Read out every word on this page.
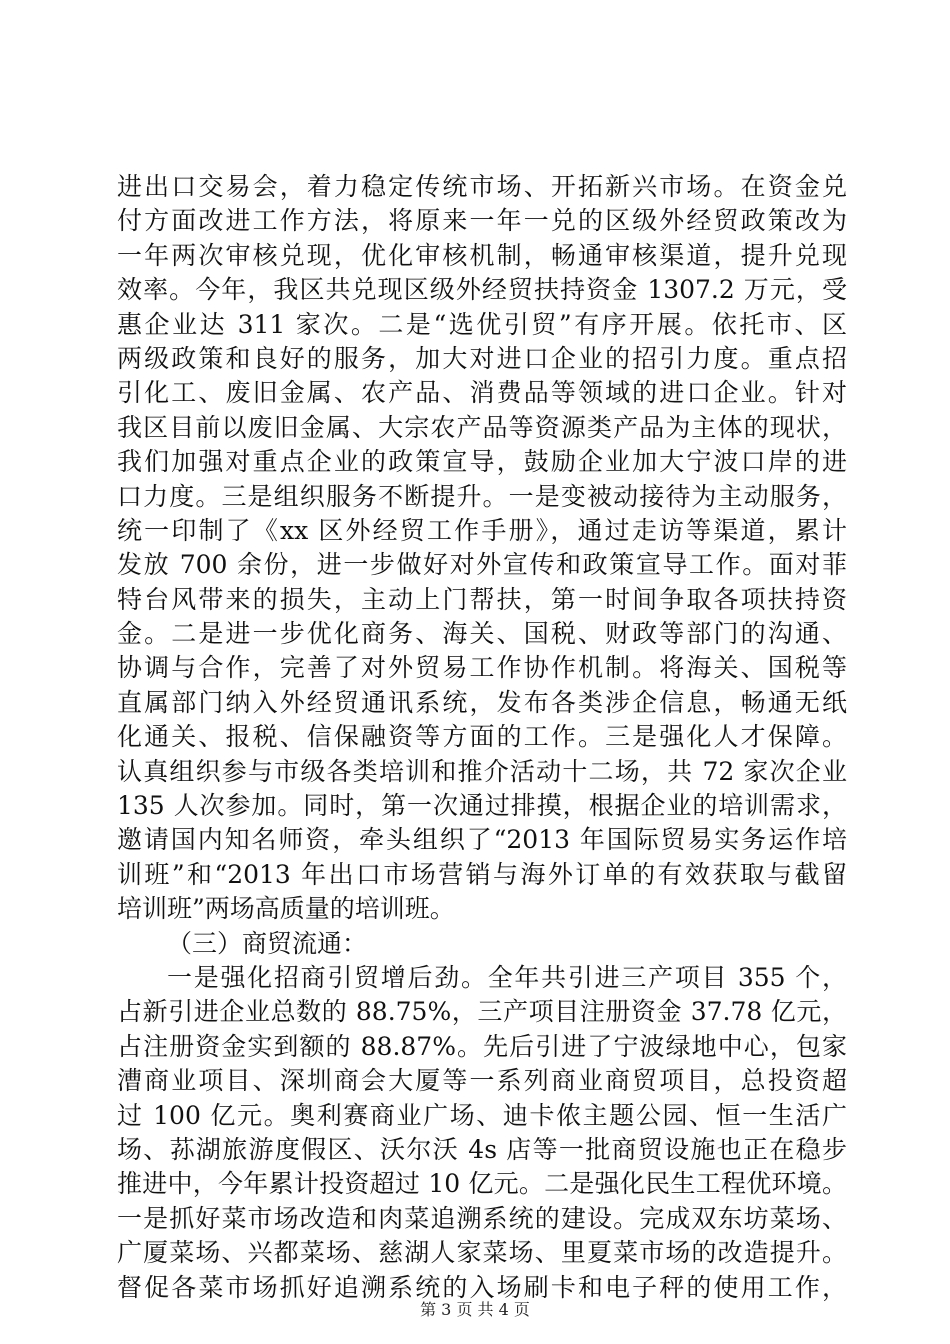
进出口交易会，着力稳定传统市场、开拓新兴市场。在资金兑
付方面改进工作方法，将原来一年一兑的区级外经贸政策改为
一年两次审核兑现，优化审核机制，畅通审核渠道，提升兑现
效率。今年，我区共兑现区级外经贸扶持资金 1307.2 万元，受
惠企业达 311 家次。二是“选优引贸”有序开展。依托市、区
两级政策和良好的服务，加大对进口企业的招引力度。重点招
引化工、废旧金属、农产品、消费品等领域的进口企业。针对
我区目前以废旧金属、大宗农产品等资源类产品为主体的现状，
我们加强对重点企业的政策宣导，鼓励企业加大宁波口岸的进
口力度。三是组织服务不断提升。一是变被动接待为主动服务，
统一印制了《xx 区外经贸工作手册》，通过走访等渠道，累计
发放 700 余份，进一步做好对外宣传和政策宣导工作。面对菲
特台风带来的损失，主动上门帮扶，第一时间争取各项扶持资
金。二是进一步优化商务、海关、国税、财政等部门的沟通、
协调与合作，完善了对外贸易工作协作机制。将海关、国税等
直属部门纳入外经贸通讯系统，发布各类涉企信息，畅通无纸
化通关、报税、信保融资等方面的工作。三是强化人才保障。
认真组织参与市级各类培训和推介活动十二场，共 72 家次企业
135 人次参加。同时，第一次通过排摸，根据企业的培训需求，
邀请国内知名师资，牵头组织了“2013 年国际贸易实务运作培
训班”和“2013 年出口市场营销与海外订单的有效获取与截留
培训班”两场高质量的培训班。
（三）商贸流通：
一是强化招商引贸增后劲。全年共引进三产项目 355 个，
占新引进企业总数的 88.75%，三产项目注册资金 37.78 亿元，
占注册资金实到额的 88.87%。先后引进了宁波绿地中心，包家
漕商业项目、深圳商会大厦等一系列商业商贸项目，总投资超
过 100 亿元。奥利赛商业广场、迪卡侬主题公园、恒一生活广
场、荪湖旅游度假区、沃尔沃 4s 店等一批商贸设施也正在稳步
推进中，今年累计投资超过 10 亿元。二是强化民生工程优环境。
一是抓好菜市场改造和肉菜追溯系统的建设。完成双东坊菜场、
广厦菜场、兴都菜场、慈湖人家菜场、里夏菜市场的改造提升。
督促各菜市场抓好追溯系统的入场刷卡和电子秤的使用工作，
第 3 页 共 4 页
